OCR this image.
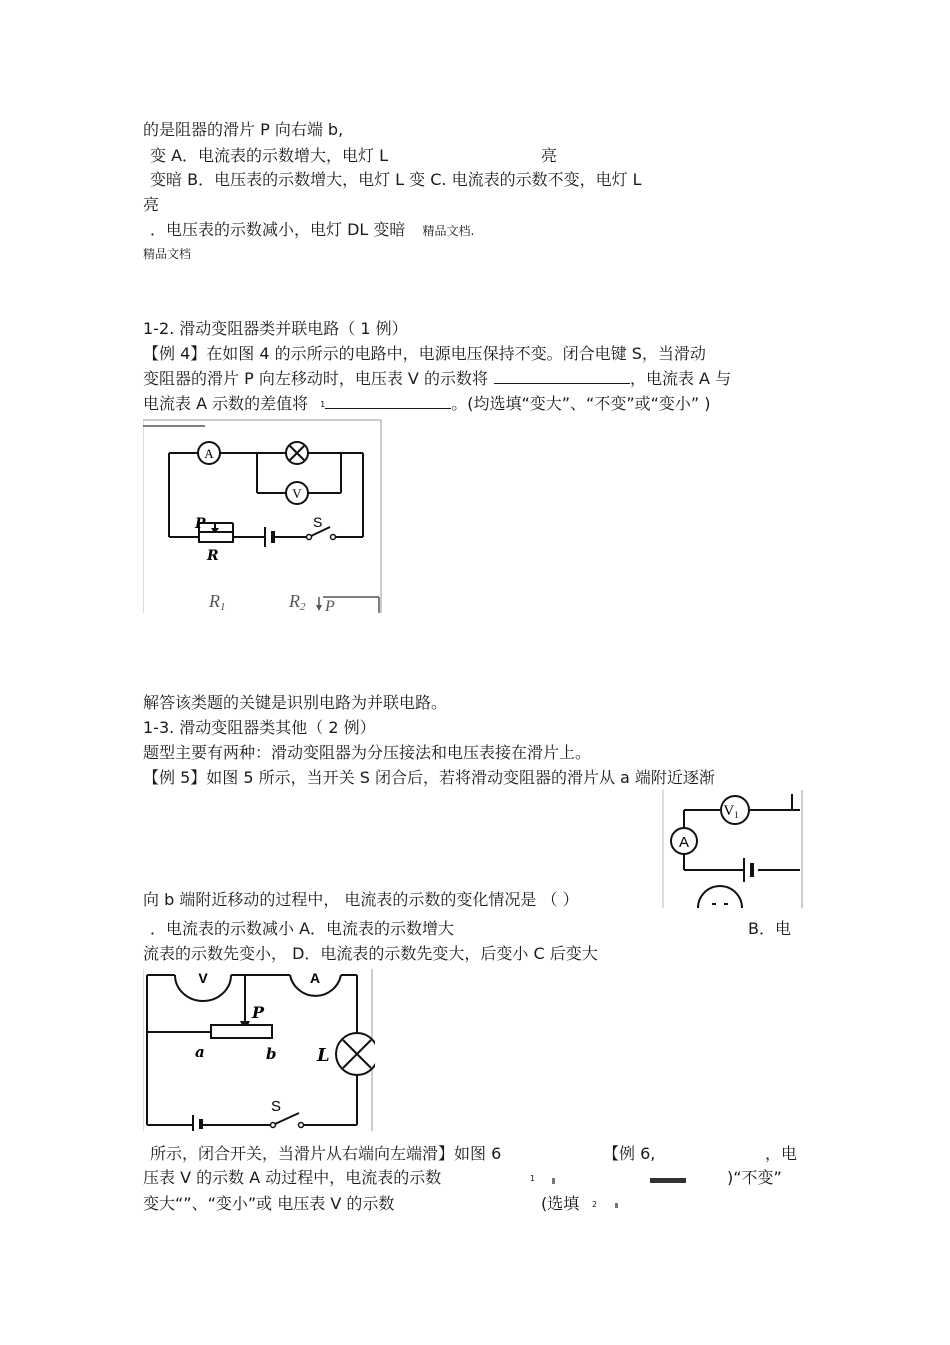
的是阻器的滑片 P 向右端 b,
变 A．电流表的示数增大，电灯 L	亮
变暗 B．电压表的示数增大，电灯 L 变 C. 电流表的示数不变，电灯 L
亮
．电压表的示数减小，电灯 DL 变暗 精品文档.
精品文档
1-2. 滑动变阻器类并联电路（ 1 例）
【例 4】在如图 4 的示所示的电路中，电源电压保持不变。闭合电键 S，当滑动
变阻器的滑片 P 向左移动时，电压表 V 的示数将	，电流表 A 与
电流表 A 示数的差值将 1	。(均选填“变大”、“不变”或“变小” )
A
V
P
R
S
R1	R2 P
解答该类题的关键是识别电路为并联电路。
1-3. 滑动变阻器类其他（ 2 例）
题型主要有两种：滑动变阻器为分压接法和电压表接在滑片上。
【例 5】如图 5 所示，当开关 S 闭合后，若将滑动变阻器的滑片从 a 端附近逐渐
A
$V_1$
向 b 端附近移动的过程中， 电流表的示数的变化情况是 （ ）
．电流表的示数减小 A．电流表的示数增大	B．电
流表的示数先变小， D．电流表的示数先变大，后变小 C 后变大
V	A
P
a	b L
S
所示，闭合开关，当滑片从右端向左端滑】如图 6	【例 6,	，电
压表 V 的示数 A 动过程中，电流表的示数	1	)“不变”
变大“”、“变小”或 电压表 V 的示数	(选填 2
